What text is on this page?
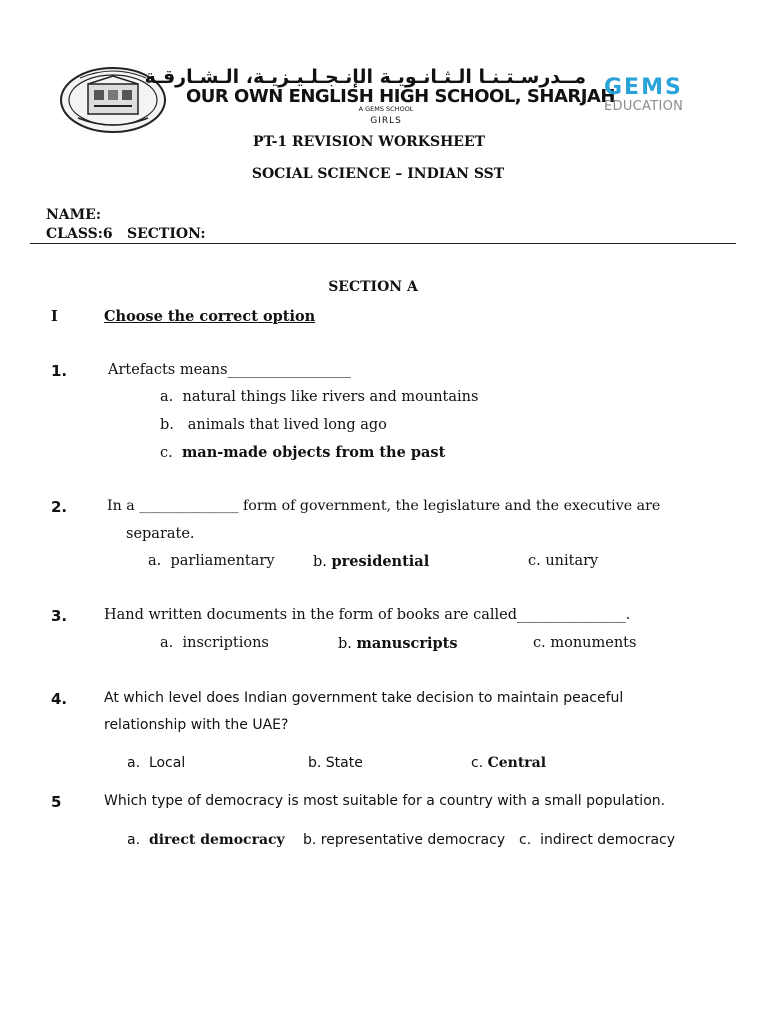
مــدرسـتـنـا الـثـانـويـة الإنـجـلـيـزيـة، الـشـارقـة
OUR OWN ENGLISH HIGH SCHOOL, SHARJAH
A GEMS SCHOOL
GIRLS
GEMS
EDUCATION
PT-1 REVISION WORKSHEET
SOCIAL SCIENCE – INDIAN SST
NAME:
CLASS:6 SECTION:
SECTION A
I	Choose the correct option
1.	Artefacts means_________________
a. natural things like rivers and mountains
b. animals that lived long ago
c. man-made objects from the past
2.	In a ______________ form of government, the legislature and the executive are
separate.
a. parliamentary	b. presidential	c. unitary
3.	Hand written documents in the form of books are called_______________.
a. inscriptions	b. manuscripts	c. monuments
4.	At which level does Indian government take decision to maintain peaceful
relationship with the UAE?
a. Local	b. State	c. Central
5	Which type of democracy is most suitable for a country with a small population.
a. direct democracy b. representative democracy c. indirect democracy
